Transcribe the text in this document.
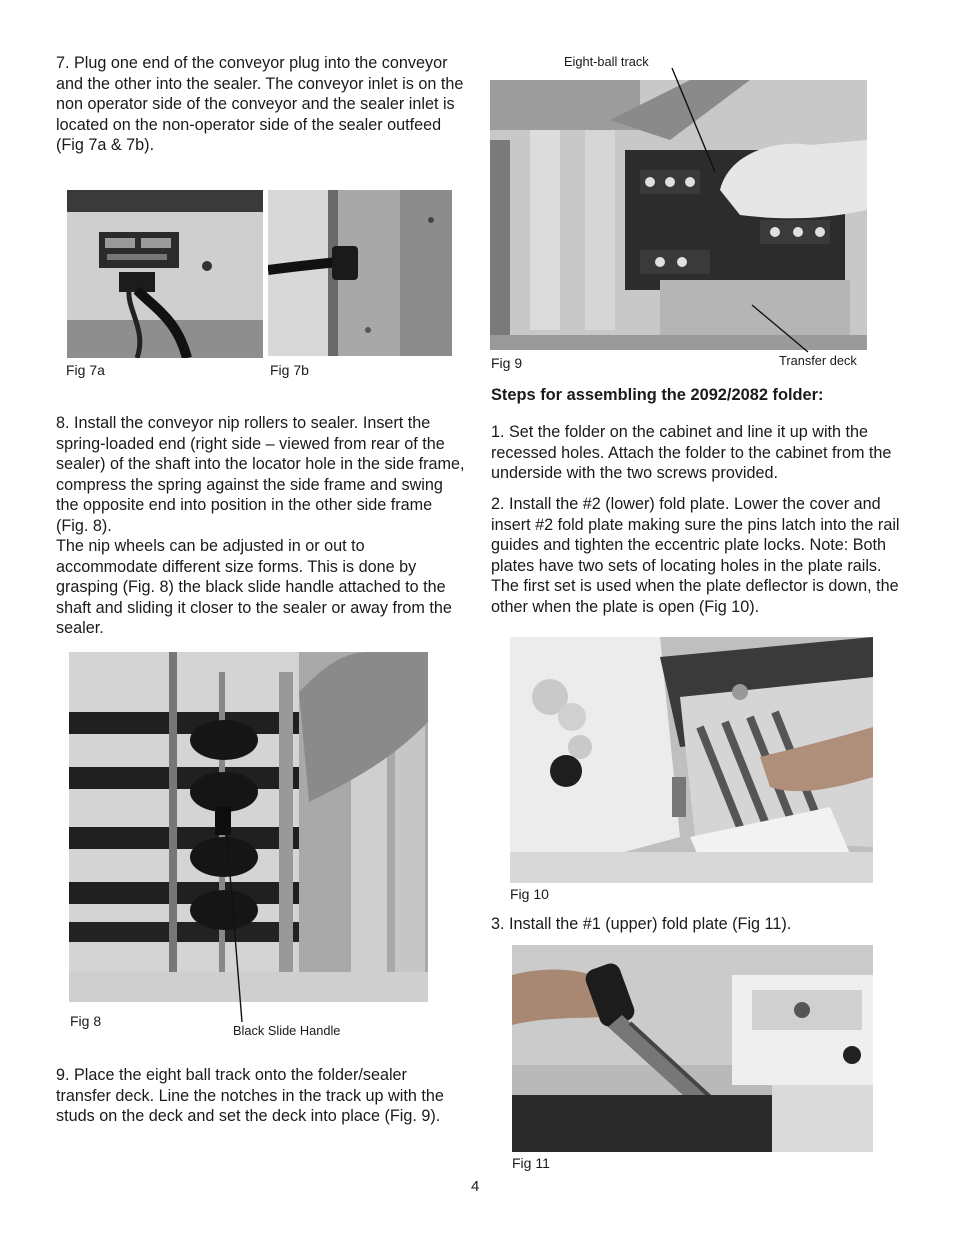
7. Plug one end of the conveyor plug into the conveyor and the other into the sealer. The conveyor inlet is on the non operator side of the conveyor and the sealer inlet is located on the non-operator side of the sealer outfeed (Fig 7a & 7b).

Fig 7a	Fig 7b

8. Install the conveyor nip rollers to sealer. Insert the spring-loaded end (right side – viewed from rear of the sealer) of the shaft into the locator hole in the side frame, compress the spring against the side frame and swing the opposite end into position in the other side frame (Fig. 8).

The nip wheels can be adjusted in or out to accommodate different size forms. This is done by grasping (Fig. 8) the black slide handle attached to the shaft and sliding it closer to the sealer or away from the sealer.

Fig 8
Black Slide Handle

9. Place the eight ball track onto the folder/sealer transfer deck. Line the notches in the track up with the studs on the deck and set the deck into place (Fig. 9).

Eight-ball track
Fig 9	Transfer deck

Steps for assembling the 2092/2082 folder:

1. Set the folder on the cabinet and line it up with the recessed holes. Attach the folder to the cabinet from the underside with the two screws provided.

2. Install the #2 (lower) fold plate. Lower the cover and insert #2 fold plate making sure the pins latch into the rail guides and tighten the eccentric plate locks. Note: Both plates have two sets of locating holes in the plate rails. The first set is used when the plate deflector is down, the other when the plate is open (Fig 10).

Fig 10

3. Install the #1 (upper) fold plate (Fig 11).

Fig 11
4
